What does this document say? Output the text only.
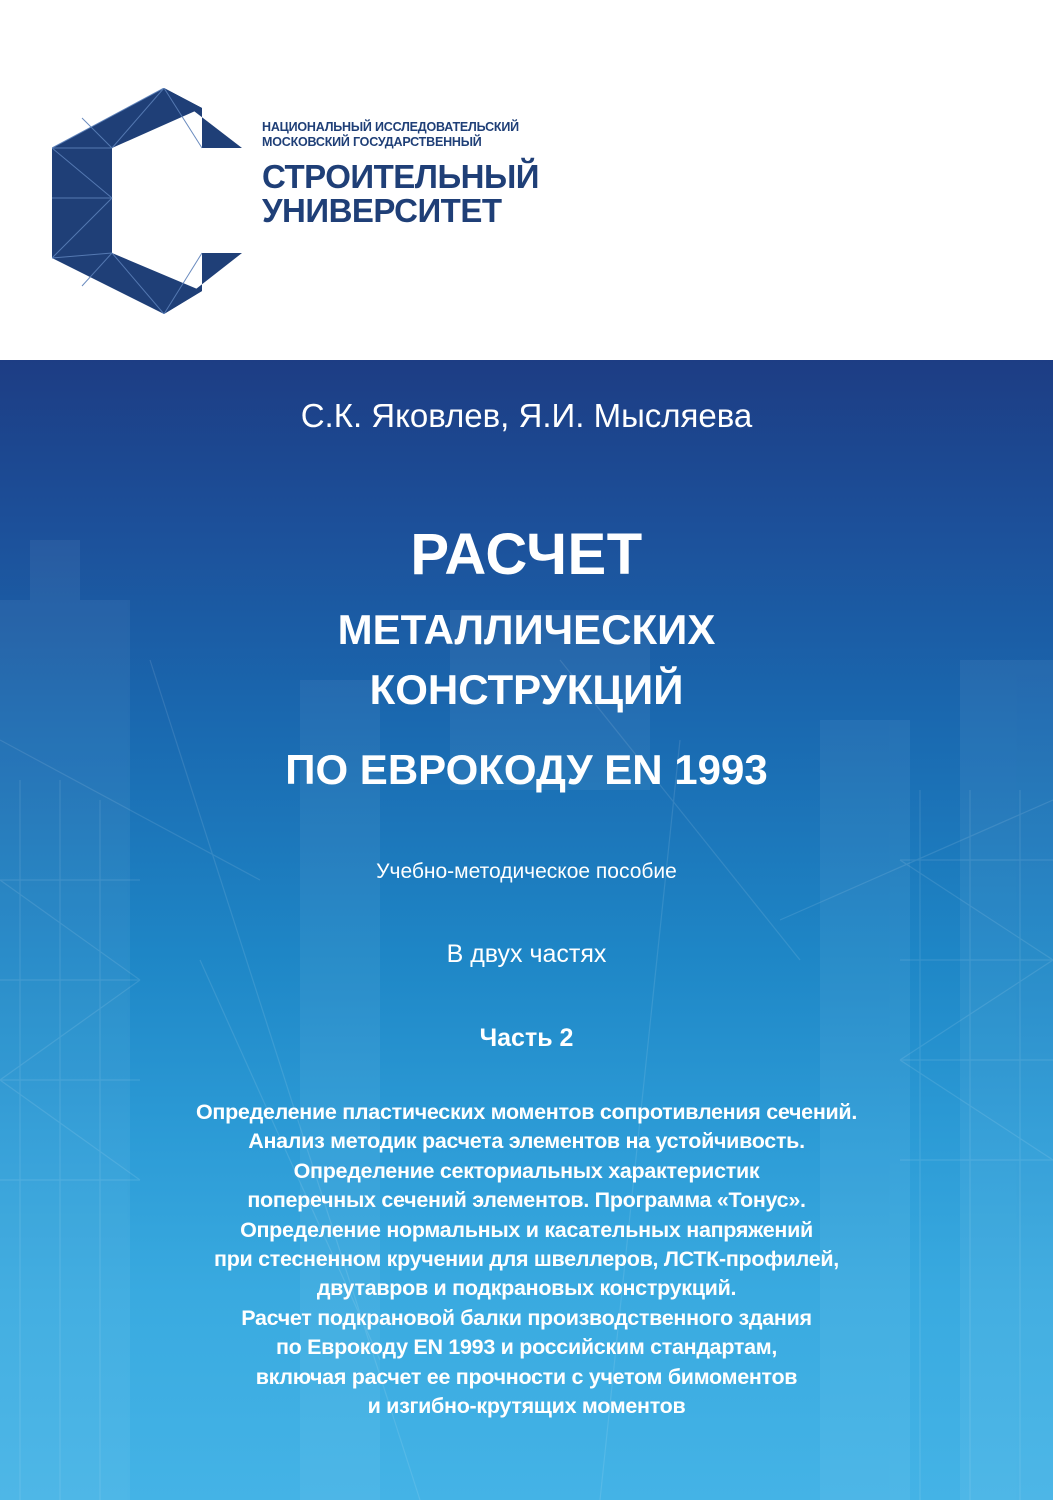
НАЦИОНАЛЬНЫЙ ИССЛЕДОВАТЕЛЬСКИЙ
МОСКОВСКИЙ ГОСУДАРСТВЕННЫЙ
СТРОИТЕЛЬНЫЙ
УНИВЕРСИТЕТ
С.К. Яковлев, Я.И. Мысляева
РАСЧЕТ
МЕТАЛЛИЧЕСКИХ
КОНСТРУКЦИЙ
ПО ЕВРОКОДУ EN 1993
Учебно-методическое пособие
В двух частях
Часть 2
Определение пластических моментов сопротивления сечений.
Анализ методик расчета элементов на устойчивость.
Определение секториальных характеристик
поперечных сечений элементов. Программа «Тонус».
Определение нормальных и касательных напряжений
при стесненном кручении для швеллеров, ЛСТК-профилей,
двутавров и подкрановых конструкций.
Расчет подкрановой балки производственного здания
по Еврокоду EN 1993 и российским стандартам,
включая расчет ее прочности с учетом бимоментов
и изгибно-крутящих моментов
